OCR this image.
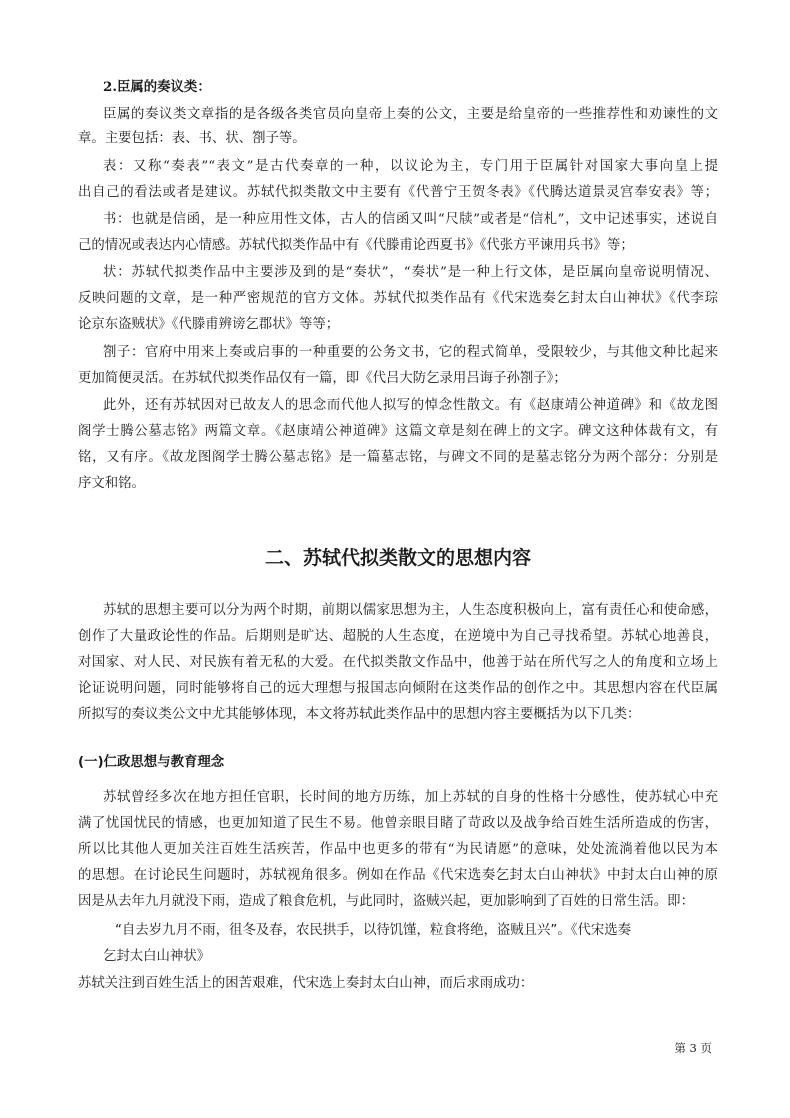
2.臣属的奏议类：
臣属的奏议类文章指的是各级各类官员向皇帝上奏的公文，主要是给皇帝的一些推荐性和劝谏性的文
章。主要包括：表、书、状、劄子等。
表：又称“奏表”“表文”是古代奏章的一种，以议论为主，专门用于臣属针对国家大事向皇上提
出自己的看法或者是建议。苏轼代拟类散文中主要有《代普宁王贺冬表》《代腾达道景灵宫奉安表》等；
书：也就是信函，是一种应用性文体，古人的信函又叫“尺牍”或者是“信札”，文中记述事实，述说自
己的情况或表达内心情感。苏轼代拟类作品中有《代滕甫论西夏书》《代张方平谏用兵书》等；
状：苏轼代拟类作品中主要涉及到的是“奏状”，“奏状”是一种上行文体，是臣属向皇帝说明情况、
反映问题的文章，是一种严密规范的官方文体。苏轼代拟类作品有《代宋选奏乞封太白山神状》《代李琮
论京东盗贼状》《代滕甫辨谤乞郡状》等等；
劄子：官府中用来上奏或启事的一种重要的公务文书，它的程式简单，受限较少，与其他文种比起来
更加简便灵活。在苏轼代拟类作品仅有一篇，即《代吕大防乞录用吕诲子孙劄子》；
此外，还有苏轼因对已故友人的思念而代他人拟写的悼念性散文。有《赵康靖公神道碑》和《故龙图
阁学士腾公墓志铭》两篇文章。《赵康靖公神道碑》这篇文章是刻在碑上的文字。碑文这种体裁有文，有
铭，又有序。《故龙图阁学士腾公墓志铭》是一篇墓志铭，与碑文不同的是墓志铭分为两个部分：分别是
序文和铭。
二、苏轼代拟类散文的思想内容
苏轼的思想主要可以分为两个时期，前期以儒家思想为主，人生态度积极向上，富有责任心和使命感，
创作了大量政论性的作品。后期则是旷达、超脱的人生态度，在逆境中为自己寻找希望。苏轼心地善良，
对国家、对人民、对民族有着无私的大爱。在代拟类散文作品中，他善于站在所代写之人的角度和立场上
论证说明问题，同时能够将自己的远大理想与报国志向倾附在这类作品的创作之中。其思想内容在代臣属
所拟写的奏议类公文中尤其能够体现，本文将苏轼此类作品中的思想内容主要概括为以下几类：
(一)仁政思想与教育理念
苏轼曾经多次在地方担任官职，长时间的地方历练，加上苏轼的自身的性格十分感性，使苏轼心中充
满了忧国忧民的情感，也更加知道了民生不易。他曾亲眼目睹了苛政以及战争给百姓生活所造成的伤害，
所以比其他人更加关注百姓生活疾苦，作品中也更多的带有“为民请愿”的意味，处处流淌着他以民为本
的思想。在讨论民生问题时，苏轼视角很多。例如在作品《代宋选奏乞封太白山神状》中封太白山神的原
因是从去年九月就没下雨，造成了粮食危机，与此同时，盗贼兴起，更加影响到了百姓的日常生活。即：
“自去岁九月不雨，徂冬及春，农民拱手，以待饥馑，粒食将绝，盗贼且兴”。《代宋选奏
乞封太白山神状》
苏轼关注到百姓生活上的困苦艰难，代宋选上奏封太白山神，而后求雨成功：
第 3 页
